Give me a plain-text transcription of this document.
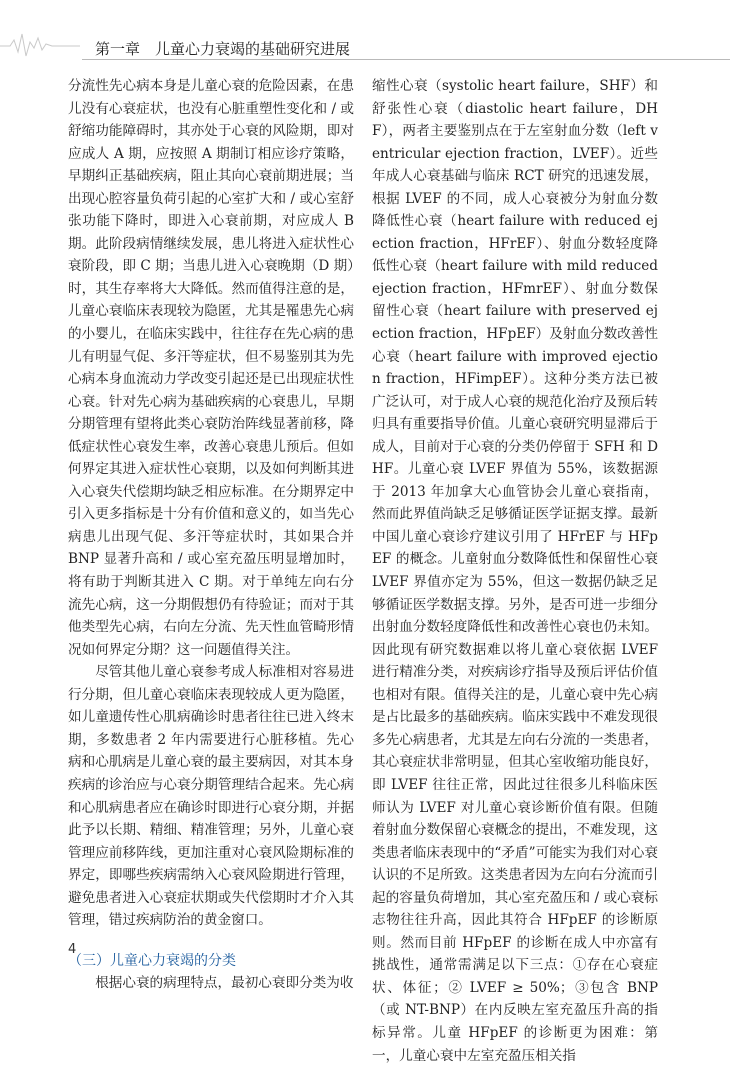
第一章　儿童心力衰竭的基础研究进展

分流性先心病本身是儿童心衰的危险因素，在患儿没有心衰症状，也没有心脏重塑性变化和 / 或舒缩功能障碍时，其亦处于心衰的风险期，即对应成人 A 期，应按照 A 期制订相应诊疗策略，早期纠正基础疾病，阻止其向心衰前期进展；当出现心腔容量负荷引起的心室扩大和 / 或心室舒张功能下降时，即进入心衰前期，对应成人 B 期。此阶段病情继续发展，患儿将进入症状性心衰阶段，即 C 期；当患儿进入心衰晚期（D 期）时，其生存率将大大降低。然而值得注意的是，儿童心衰临床表现较为隐匿，尤其是罹患先心病的小婴儿，在临床实践中，往往存在先心病的患儿有明显气促、多汗等症状，但不易鉴别其为先心病本身血流动力学改变引起还是已出现症状性心衰。针对先心病为基础疾病的心衰患儿，早期分期管理有望将此类心衰防治阵线显著前移，降低症状性心衰发生率，改善心衰患儿预后。但如何界定其进入症状性心衰期，以及如何判断其进入心衰失代偿期均缺乏相应标准。在分期界定中引入更多指标是十分有价值和意义的，如当先心病患儿出现气促、多汗等症状时，其如果合并 BNP 显著升高和 / 或心室充盈压明显增加时，将有助于判断其进入 C 期。对于单纯左向右分流先心病，这一分期假想仍有待验证；而对于其他类型先心病，右向左分流、先天性血管畸形情况如何界定分期？这一问题值得关注。

尽管其他儿童心衰参考成人标准相对容易进行分期，但儿童心衰临床表现较成人更为隐匿，如儿童遗传性心肌病确诊时患者往往已进入终末期，多数患者 2 年内需要进行心脏移植。先心病和心肌病是儿童心衰的最主要病因，对其本身疾病的诊治应与心衰分期管理结合起来。先心病和心肌病患者应在确诊时即进行心衰分期，并据此予以长期、精细、精准管理；另外，儿童心衰管理应前移阵线，更加注重对心衰风险期标准的界定，即哪些疾病需纳入心衰风险期进行管理，避免患者进入心衰症状期或失代偿期时才介入其管理，错过疾病防治的黄金窗口。

（三）儿童心力衰竭的分类

根据心衰的病理特点，最初心衰即分类为收

缩性心衰（systolic heart failure，SHF）和舒张性心衰（diastolic heart failure，DHF），两者主要鉴别点在于左室射血分数（left ventricular ejection fraction，LVEF）。近些年成人心衰基础与临床 RCT 研究的迅速发展，根据 LVEF 的不同，成人心衰被分为射血分数降低性心衰（heart failure with reduced ejection fraction，HFrEF）、射血分数轻度降低性心衰（heart failure with mild reduced ejection fraction，HFmrEF）、射血分数保留性心衰（heart failure with preserved ejection fraction，HFpEF）及射血分数改善性心衰（heart failure with improved ejection fraction，HFimpEF）。这种分类方法已被广泛认可，对于成人心衰的规范化治疗及预后转归具有重要指导价值。儿童心衰研究明显滞后于成人，目前对于心衰的分类仍停留于 SFH 和 DHF。儿童心衰 LVEF 界值为 55%，该数据源于 2013 年加拿大心血管协会儿童心衰指南，然而此界值尚缺乏足够循证医学证据支撑。最新中国儿童心衰诊疗建议引用了 HFrEF 与 HFpEF 的概念。儿童射血分数降低性和保留性心衰 LVEF 界值亦定为 55%，但这一数据仍缺乏足够循证医学数据支撑。另外，是否可进一步细分出射血分数轻度降低性和改善性心衰也仍未知。因此现有研究数据难以将儿童心衰依据 LVEF 进行精准分类，对疾病诊疗指导及预后评估价值也相对有限。值得关注的是，儿童心衰中先心病是占比最多的基础疾病。临床实践中不难发现很多先心病患者，尤其是左向右分流的一类患者，其心衰症状非常明显，但其心室收缩功能良好，即 LVEF 往往正常，因此过往很多儿科临床医师认为 LVEF 对儿童心衰诊断价值有限。但随着射血分数保留心衰概念的提出，不难发现，这类患者临床表现中的“矛盾”可能实为我们对心衰认识的不足所致。这类患者因为左向右分流而引起的容量负荷增加，其心室充盈压和 / 或心衰标志物往往升高，因此其符合 HFpEF 的诊断原则。然而目前 HFpEF 的诊断在成人中亦富有挑战性，通常需满足以下三点：①存在心衰症状、体征；② LVEF ≥ 50%；③包含 BNP（或 NT-BNP）在内反映左室充盈压升高的指标异常。儿童 HFpEF 的诊断更为困难：第一，儿童心衰中左室充盈压相关指

4
